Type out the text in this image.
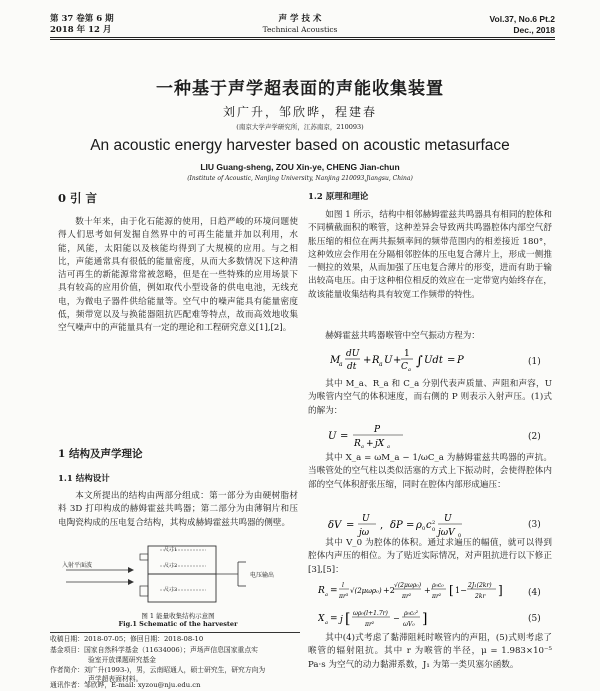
第 37 卷第 6 期
2018 年 12 月
声 学 技 术
Technical Acoustics
Vol.37, No.6 Pt.2
Dec., 2018
一种基于声学超表面的声能收集装置
刘广升，邹欣晔，程建春
(南京大学声学研究所，江苏南京，210093)
An acoustic energy harvester based on acoustic metasurface
LIU Guang-sheng, ZOU Xin-ye, CHENG Jian-chun
(Institute of Acoustic, Nanjing University, Nanjing 210093,Jiangsu, China)
0 引 言
数十年来，由于化石能源的使用，日趋严峻的环境问题使得人们思考如何发掘自然界中的可再生能量并加以利用，水能，风能，太阳能以及核能均得到了大规模的应用。与之相比，声能通常具有很低的能量密度，从而大多数情况下这种清洁可再生的新能源常常被忽略，但是在一些特殊的应用场景下具有较高的应用价值，例如取代小型设备的供电电池，无线充电，为微电子器件供给能量等。空气中的噪声能具有能量密度低，频带宽以及与换能器阻抗匹配难等特点，故而高效地收集空气噪声中的声能量具有一定的理论和工程研究意义[1],[2]。
1 结构及声学理论
1.1 结构设计
本文所提出的结构由两部分组成：第一部分为由硬树脂材料 3D 打印构成的赫姆霍兹共鸣器；第二部分为由薄铜片和压电陶瓷构成的压电复合结构，其构成赫姆霍兹共鸣器的侧壁。
入射平面波
尺寸1
尺寸2
尺寸3
电压输出
图 1 能量收集结构示意图
Fig.1 Schematic of the harvester
收稿日期：2018-07-05；修回日期：2018-08-10
基金项目：国家自然科学基金（11634006）；声场声信息国家重点实
验室开放课题研究基金
作者简介：刘广升(1993-)，男，云南昭通人，硕士研究生，研究方向为
声学超表面材料。
通讯作者：邹欣晔，E-mail: xyzou@nju.edu.cn
1.2 原理和理论
如图 1 所示，结构中相邻赫姆霍兹共鸣器具有相同的腔体和不同横截面积的喉管，这种差异会导致两共鸣器腔体内部空气舒胀压缩的相位在两共振频率间的频带范围内的相差接近 180°，这种效应会作用在分隔相邻腔体的压电复合薄片上，形成一侧推一侧拉的效果，从而加强了压电复合薄片的形变，进而有助于输出较高电压。由于这种相位相反的效应在一定带宽内始终存在，故该能量收集结构具有较宽工作频带的特性。
赫姆霍兹共鸣器喉管中空气振动方程为：
M
a
dU
dt
+ R a U +
1
C a
∫ Udt = P	(1)
其中 M_a、R_a 和 C_a 分别代表声质量、声阻和声容，U 为喉管内空气的体积速度，而右侧的 P 则表示入射声压。(1)式的解为：
U =
P
R a + jX a
(2)
其中 X_a = ωM_a − 1/ωC_a 为赫姆霍兹共鸣器的声抗。当喉管处的空气柱以类似活塞的方式上下振动时，会使得腔体内部的空气体积舒张压缩，同时在腔体内部形成遍压：
δV =
U
jω
, δP = ρ 0 c 2
0
U
jωV 0
(3)
其中 V_0 为腔体的体积。通过求遍压的幅值，就可以得到腔体内声压的相位。为了贴近实际情况，对声阻抗进行以下修正[3],[5]：
R a =
l
πr³
√(2μωρ₀) +2
√(2μωρ₀)
πr²
+
ρ₀c₀
πr² [ 1−
2J₁(2kr)
2kr ]	(4)
X a = j [ ωρ₀(l+1.7r)
πr²
−
ρ₀c₀²
ωV₀ ]	(5)
其中(4)式考虑了黏滞阻耗时喉管内的声阻，(5)式则考虑了喉管的辐射阻抗。其中 r 为喉管的半径，μ = 1.983×10⁻⁵ Pa·s 为空气的动力黏滞系数，J₁ 为第一类贝塞尔函数。
